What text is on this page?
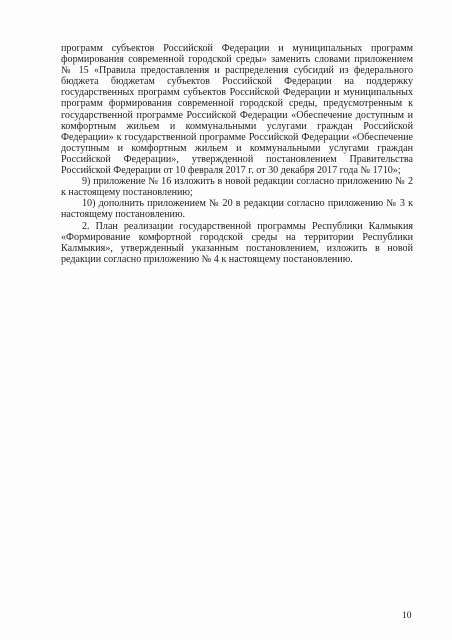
программ субъектов Российской Федерации и муниципальных программ формирования современной городской среды» заменить словами приложением № 15 «Правила предоставления и распределения субсидий из федерального бюджета бюджетам субъектов Российской Федерации на поддержку государственных программ субъектов Российской Федерации и муниципальных программ формирования современной городской среды, предусмотренным к государственной программе Российской Федерации «Обеспечение доступным и комфортным жильем и коммунальными услугами граждан Российской Федерации» к государственной программе Российской Федерации «Обеспечение доступным и комфортным жильем и коммунальными услугами граждан Российской Федерации», утвержденной постановлением Правительства Российской Федерации от 10 февраля 2017 г. от 30 декабря 2017 года № 1710»;

9) приложение № 16 изложить в новой редакции согласно приложению № 2 к настоящему постановлению;

10) дополнить приложением № 20 в редакции согласно приложению № 3 к настоящему постановлению.

2. План реализации государственной программы Республики Калмыкия «Формирование комфортной городской среды на территории Республики Калмыкия», утвержденный указанным постановлением, изложить в новой редакции согласно приложению № 4 к настоящему постановлению.

10
